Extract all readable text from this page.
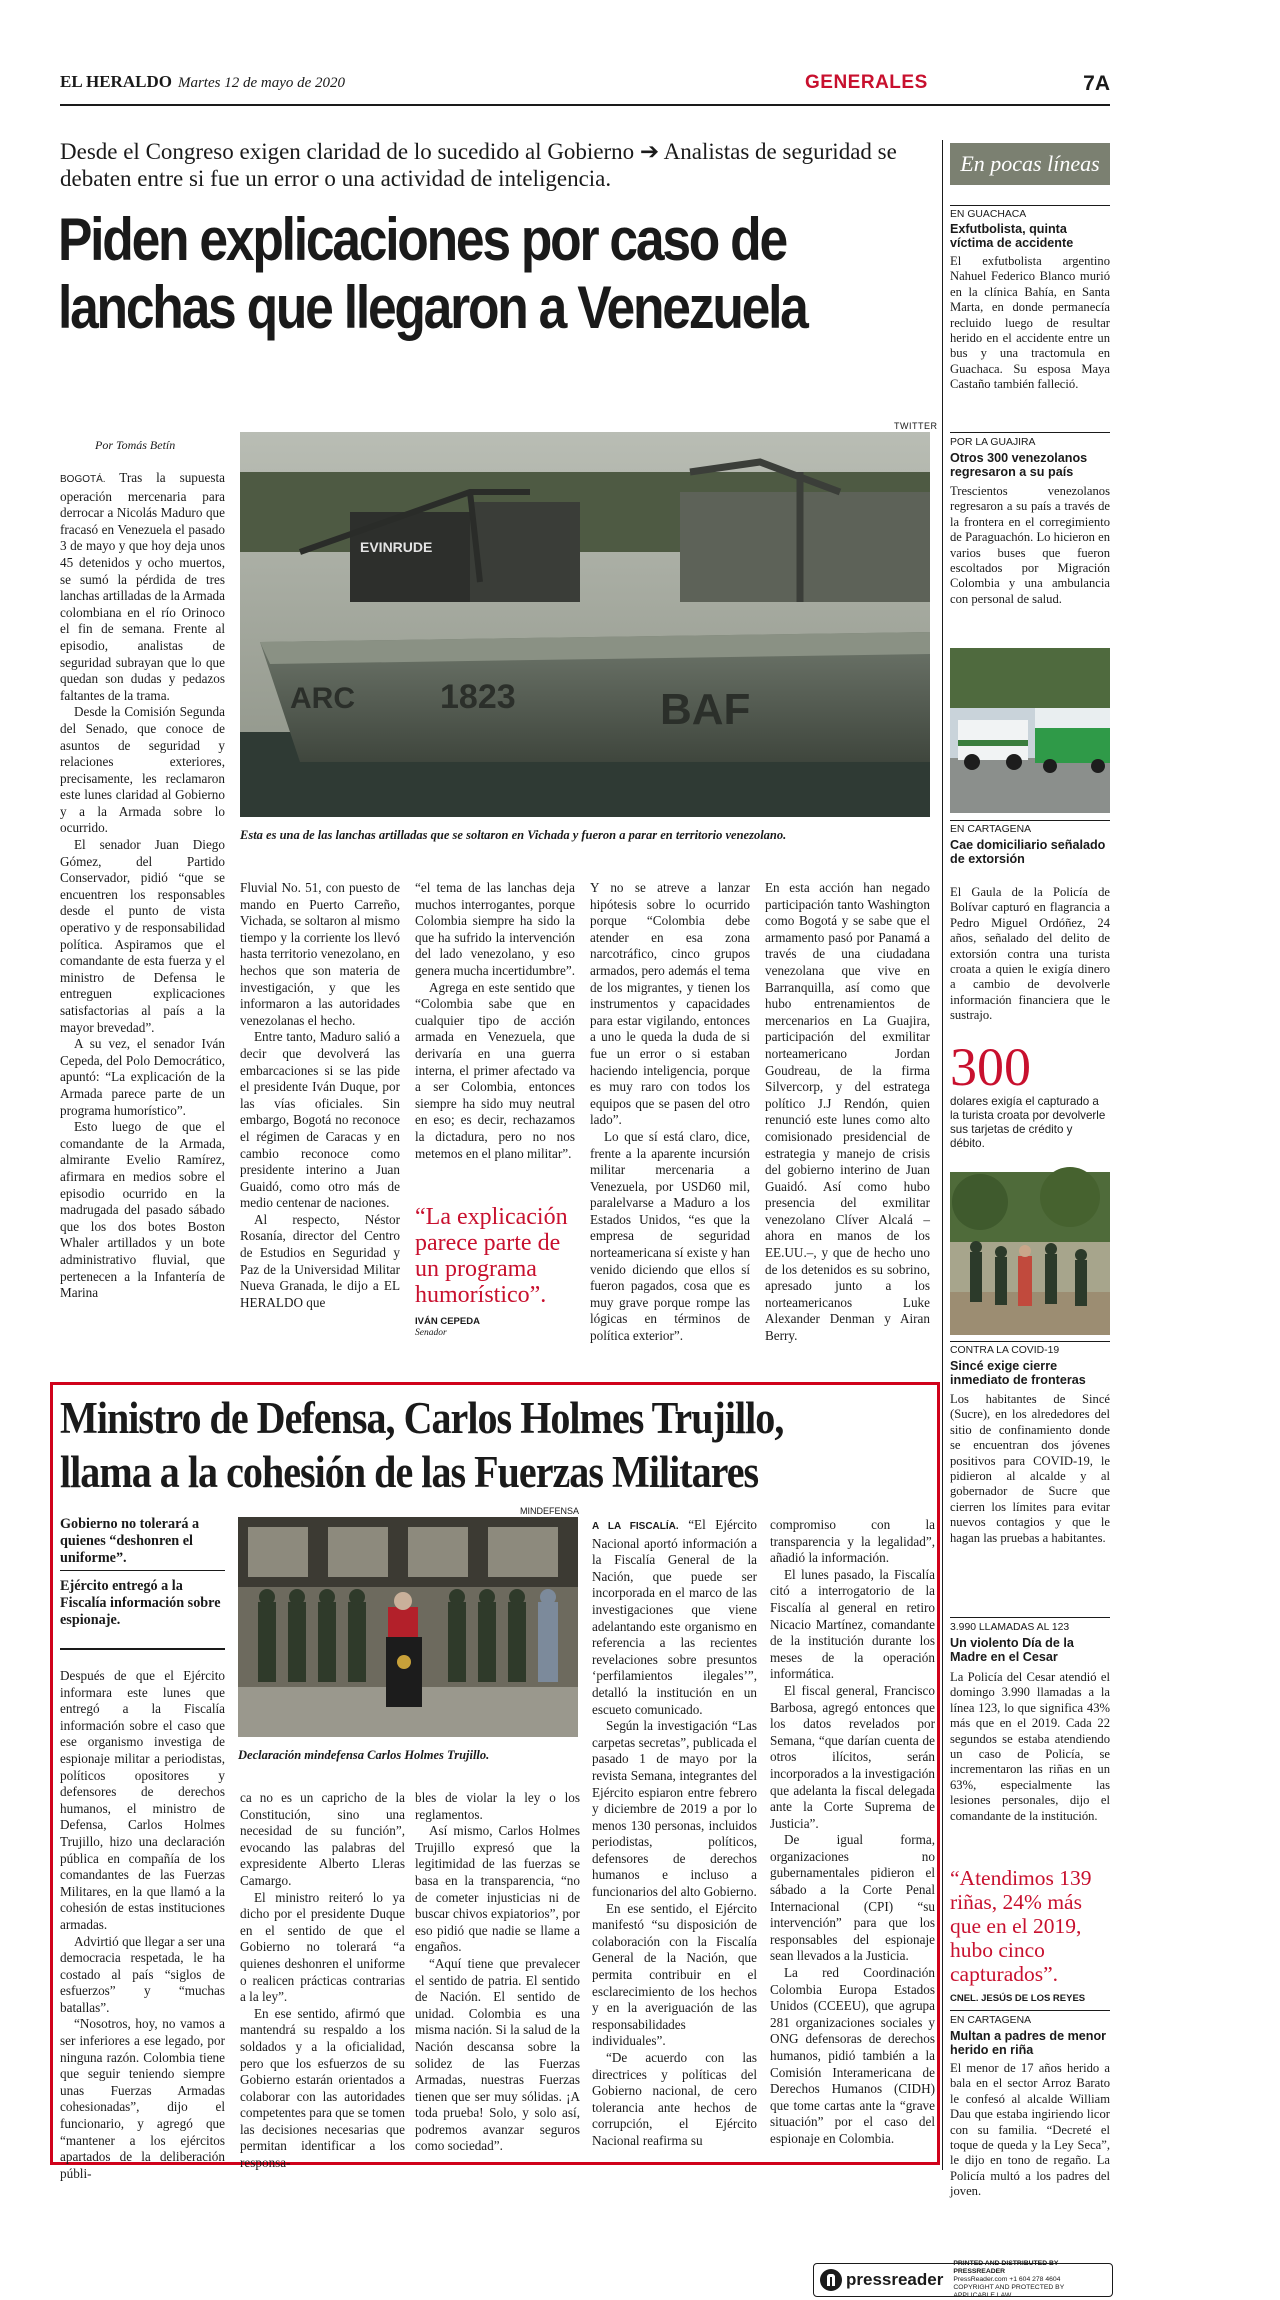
EL HERALDO Martes 12 de mayo de 2020	GENERALES	7A
Desde el Congreso exigen claridad de lo sucedido al Gobierno ➔ Analistas de seguridad se debaten entre si fue un error o una actividad de inteligencia.
Piden explicaciones por caso de
lanchas que llegaron a Venezuela
Por Tomás Betín
TWITTER
EVINRUDE
ARC	1823	BAF
Esta es una de las lanchas artilladas que se soltaron en Vichada y fueron a parar en territorio venezolano.

BOGOTÁ. Tras la supuesta operación mercenaria para derrocar a Nicolás Maduro que fracasó en Venezuela el pasado 3 de mayo y que hoy deja unos 45 detenidos y ocho muertos, se sumó la pérdida de tres lanchas artilladas de la Armada colombiana en el río Orinoco el fin de semana. Frente al episodio, analistas de seguridad subrayan que lo que quedan son dudas y pedazos faltantes de la trama.

Desde la Comisión Segunda del Senado, que conoce de asuntos de seguridad y relaciones exteriores, precisamente, les reclamaron este lunes claridad al Gobierno y a la Armada sobre lo ocurrido.

El senador Juan Diego Gómez, del Partido Conservador, pidió “que se encuentren los responsables desde el punto de vista operativo y de responsabilidad política. Aspiramos que el comandante de esta fuerza y el ministro de Defensa le entreguen explicaciones satisfactorias al país a la mayor brevedad”.

A su vez, el senador Iván Cepeda, del Polo Democrático, apuntó: “La explicación de la Armada parece parte de un programa humorístico”.

Esto luego de que el comandante de la Armada, almirante Evelio Ramírez, afirmara en medios sobre el episodio ocurrido en la madrugada del pasado sábado que los dos botes Boston Whaler artillados y un bote administrativo fluvial, que pertenecen a la Infantería de Marina

Fluvial No. 51, con puesto de mando en Puerto Carreño, Vichada, se soltaron al mismo tiempo y la corriente los llevó hasta territorio venezolano, en hechos que son materia de investigación, y que les informaron a las autoridades venezolanas el hecho.

Entre tanto, Maduro salió a decir que devolverá las embarcaciones si se las pide el presidente Iván Duque, por las vías oficiales. Sin embargo, Bogotá no reconoce el régimen de Caracas y en cambio reconoce como presidente interino a Juan Guaidó, como otro más de medio centenar de naciones.

Al respecto, Néstor Rosanía, director del Centro de Estudios en Seguridad y Paz de la Universidad Militar Nueva Granada, le dijo a EL HERALDO que

“el tema de las lanchas deja muchos interrogantes, porque Colombia siempre ha sido la que ha sufrido la intervención del lado venezolano, y eso genera mucha incertidumbre”.

Agrega en este sentido que “Colombia sabe que en cualquier tipo de acción armada en Venezuela, que derivaría en una guerra interna, el primer afectado va a ser Colombia, entonces siempre ha sido muy neutral en eso; es decir, rechazamos la dictadura, pero no nos metemos en el plano militar”.

“La explicación parece parte de un programa humorístico”.
IVÁN CEPEDA
Senador

Y no se atreve a lanzar hipótesis sobre lo ocurrido porque “Colombia debe atender en esa zona narcotráfico, cinco grupos armados, pero además el tema de los migrantes, y tienen los instrumentos y capacidades para estar vigilando, entonces a uno le queda la duda de si fue un error o si estaban haciendo inteligencia, porque es muy raro con todos los equipos que se pasen del otro lado”.

Lo que sí está claro, dice, frente a la aparente incursión militar mercenaria a Venezuela, por USD60 mil, paralelvarse a Maduro a los Estados Unidos, “es que la empresa de seguridad norteamericana sí existe y han venido diciendo que ellos sí fueron pagados, cosa que es muy grave porque rompe las lógicas en términos de política exterior”.

En esta acción han negado participación tanto Washington como Bogotá y se sabe que el armamento pasó por Panamá a través de una ciudadana venezolana que vive en Barranquilla, así como que hubo entrenamientos de mercenarios en La Guajira, participación del exmilitar norteamericano Jordan Goudreau, de la firma Silvercorp, y del estratega político J.J Rendón, quien renunció este lunes como alto comisionado presidencial de estrategia y manejo de crisis del gobierno interino de Juan Guaidó. Así como hubo presencia del exmilitar venezolano Clíver Alcalá –ahora en manos de los EE.UU.–, y que de hecho uno de los detenidos es su sobrino, apresado junto a los norteamericanos Luke Alexander Denman y Airan Berry.

Ministro de Defensa, Carlos Holmes Trujillo,
llama a la cohesión de las Fuerzas Militares
MINDEFENSA
Gobierno no tolerará a quienes “deshonren el uniforme”.
Ejército entregó a la Fiscalía información sobre espionaje.
Declaración mindefensa Carlos Holmes Trujillo.

Después de que el Ejército informara este lunes que entregó a la Fiscalía información sobre el caso que ese organismo investiga de espionaje militar a periodistas, políticos opositores y defensores de derechos humanos, el ministro de Defensa, Carlos Holmes Trujillo, hizo una declaración pública en compañía de los comandantes de las Fuerzas Militares, en la que llamó a la cohesión de estas instituciones armadas.

Advirtió que llegar a ser una democracia respetada, le ha costado al país “siglos de esfuerzos” y “muchas batallas”.

“Nosotros, hoy, no vamos a ser inferiores a ese legado, por ninguna razón. Colombia tiene que seguir teniendo siempre unas Fuerzas Armadas cohesionadas”, dijo el funcionario, y agregó que “mantener a los ejércitos apartados de la deliberación públi-

ca no es un capricho de la Constitución, sino una necesidad de su función”, evocando las palabras del expresidente Alberto Lleras Camargo.

El ministro reiteró lo ya dicho por el presidente Duque en el sentido de que el Gobierno no tolerará “a quienes deshonren el uniforme o realicen prácticas contrarias a la ley”.

En ese sentido, afirmó que mantendrá su respaldo a los soldados y a la oficialidad, pero que los esfuerzos de su Gobierno estarán orientados a colaborar con las autoridades competentes para que se tomen las decisiones necesarias que permitan identificar a los responsa-

bles de violar la ley o los reglamentos.

Así mismo, Carlos Holmes Trujillo expresó que la legitimidad de las fuerzas se basa en la transparencia, “no de cometer injusticias ni de buscar chivos expiatorios”, por eso pidió que nadie se llame a engaños.

“Aquí tiene que prevalecer el sentido de patria. El sentido de Nación. El sentido de unidad. Colombia es una misma nación. Si la salud de la Nación descansa sobre la solidez de las Fuerzas Armadas, nuestras Fuerzas tienen que ser muy sólidas. ¡A toda prueba! Solo, y solo así, podremos avanzar seguros como sociedad”.

A LA FISCALÍA. “El Ejército Nacional aportó información a la Fiscalía General de la Nación, que puede ser incorporada en el marco de las investigaciones que viene adelantando este organismo en referencia a las recientes revelaciones sobre presuntos ‘perfilamientos ilegales’”, detalló la institución en un escueto comunicado.

Según la investigación “Las carpetas secretas”, publicada el pasado 1 de mayo por la revista Semana, integrantes del Ejército espiaron entre febrero y diciembre de 2019 a por lo menos 130 personas, incluidos periodistas, políticos, defensores de derechos humanos e incluso a funcionarios del alto Gobierno.

En ese sentido, el Ejército manifestó “su disposición de colaboración con la Fiscalía General de la Nación, que permita contribuir en el esclarecimiento de los hechos y en la averiguación de las responsabilidades individuales”.

“De acuerdo con las directrices y políticas del Gobierno nacional, de cero tolerancia ante hechos de corrupción, el Ejército Nacional reafirma su

compromiso con la transparencia y la legalidad”, añadió la información.

El lunes pasado, la Fiscalía citó a interrogatorio de la Fiscalía al general en retiro Nicacio Martínez, comandante de la institución durante los meses de la operación informática.

El fiscal general, Francisco Barbosa, agregó entonces que los datos revelados por Semana, “que darían cuenta de otros ilícitos, serán incorporados a la investigación que adelanta la fiscal delegada ante la Corte Suprema de Justicia”.

De igual forma, organizaciones no gubernamentales pidieron el sábado a la Corte Penal Internacional (CPI) “su intervención” para que los responsables del espionaje sean llevados a la Justicia.

La red Coordinación Colombia Europa Estados Unidos (CCEEU), que agrupa 281 organizaciones sociales y ONG defensoras de derechos humanos, pidió también a la Comisión Interamericana de Derechos Humanos (CIDH) que tome cartas ante la “grave situación” por el caso del espionaje en Colombia.

En pocas líneas
EN GUACHACA
Exfutbolista, quinta víctima de accidente
El exfutbolista argentino Nahuel Federico Blanco murió en la clínica Bahía, en Santa Marta, en donde permanecía recluido luego de resultar herido en el accidente entre un bus y una tractomula en Guachaca. Su esposa Maya Castaño también falleció.
POR LA GUAJIRA
Otros 300 venezolanos regresaron a su país
Trescientos venezolanos regresaron a su país a través de la frontera en el corregimiento de Paraguachón. Lo hicieron en varios buses que fueron escoltados por Migración Colombia y una ambulancia con personal de salud.
EN CARTAGENA
Cae domiciliario señalado de extorsión
El Gaula de la Policía de Bolívar capturó en flagrancia a Pedro Miguel Ordóñez, 24 años, señalado del delito de extorsión contra una turista croata a quien le exigía dinero a cambio de devolverle información financiera que le sustrajo.
300
dolares exigía el capturado a la turista croata por devolverle sus tarjetas de crédito y débito.
CONTRA LA COVID-19
Sincé exige cierre inmediato de fronteras
Los habitantes de Sincé (Sucre), en los alrededores del sitio de confinamiento donde se encuentran dos jóvenes positivos para COVID-19, le pidieron al alcalde y al gobernador de Sucre que cierren los límites para evitar nuevos contagios y que le hagan las pruebas a habitantes.
3.990 LLAMADAS AL 123
Un violento Día de la Madre en el Cesar
La Policía del Cesar atendió el domingo 3.990 llamadas a la línea 123, lo que significa 43% más que en el 2019. Cada 22 segundos se estaba atendiendo un caso de Policía, se incrementaron las riñas en un 63%, especialmente las lesiones personales, dijo el comandante de la institución.
“Atendimos 139 riñas, 24% más que en el 2019, hubo cinco capturados”.
CNEL. JESÚS DE LOS REYES
EN CARTAGENA
Multan a padres de menor herido en riña
El menor de 17 años herido a bala en el sector Arroz Barato le confesó al alcalde William Dau que estaba ingiriendo licor con su familia. “Decreté el toque de queda y la Ley Seca”, le dijo en tono de regaño. La Policía multó a los padres del joven.
pressreader
PRINTED AND DISTRIBUTED BY PRESSREADER
PressReader.com +1 604 278 4604
COPYRIGHT AND PROTECTED BY APPLICABLE LAW
